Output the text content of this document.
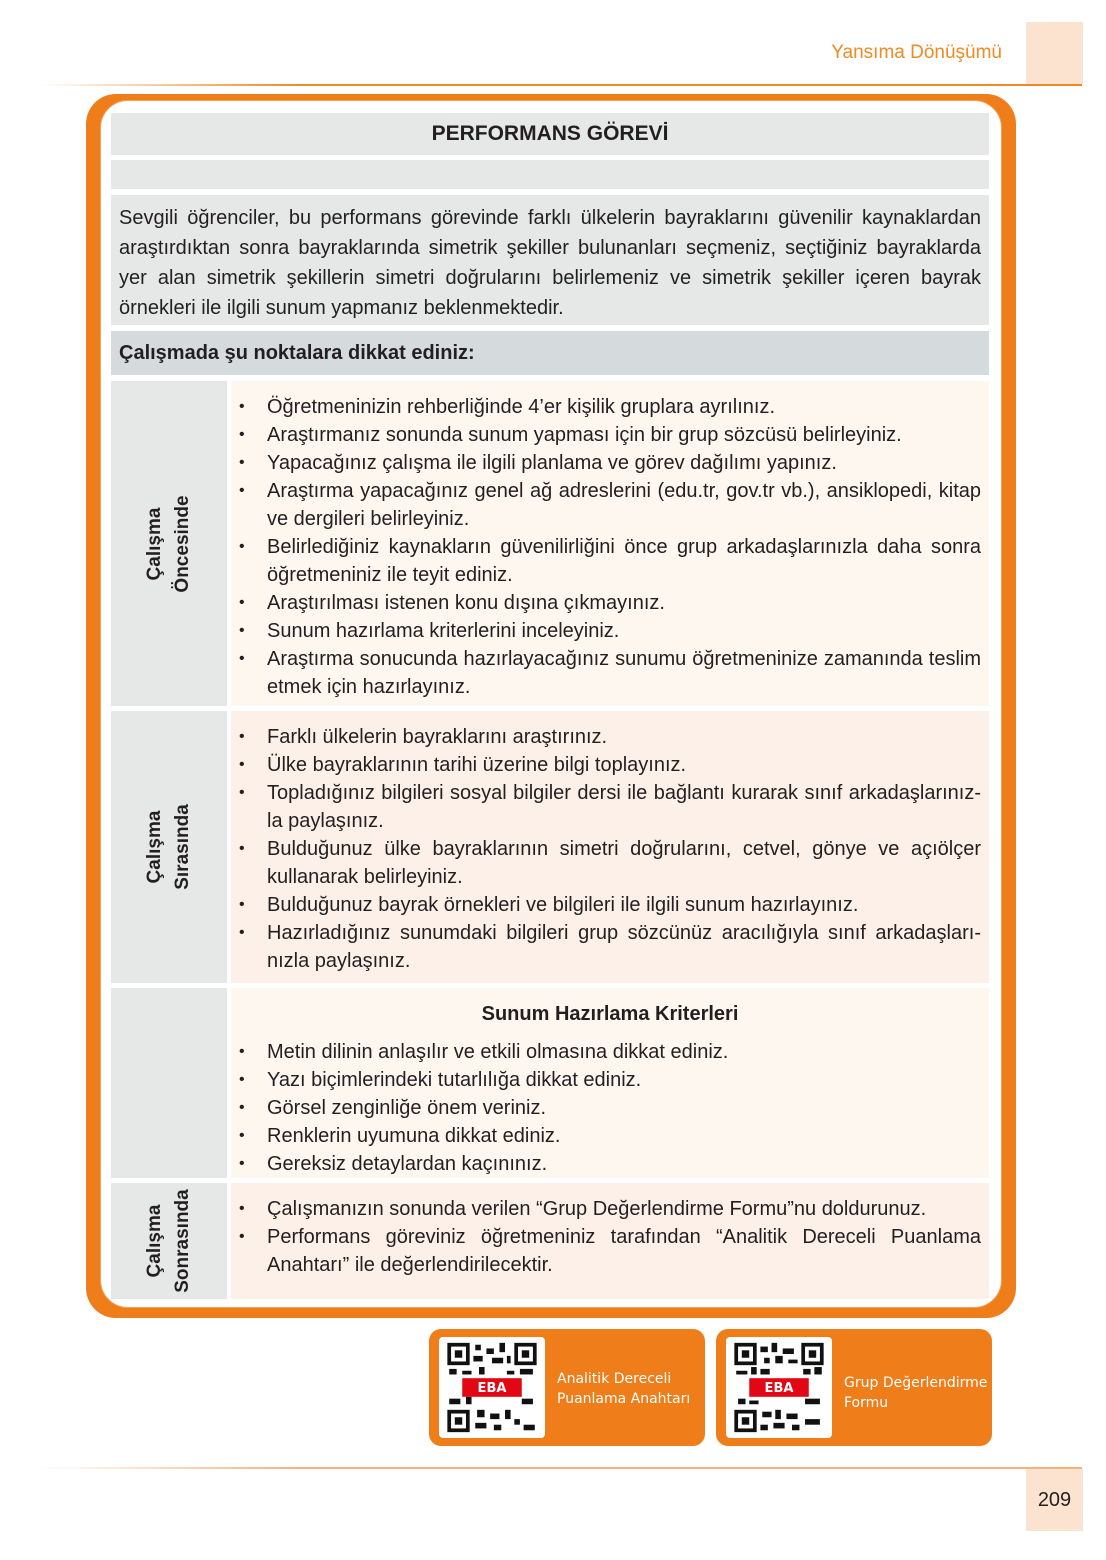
Yansıma Dönüşümü
PERFORMANS GÖREVİ
Sevgili öğrenciler, bu performans görevinde farklı ülkelerin bayraklarını güvenilir kaynaklardan araştırdıktan sonra bayraklarında simetrik şekiller bulunanları seçmeniz, seçtiğiniz bayraklarda yer alan simetrik şekillerin simetri doğrularını belirlemeniz ve simetrik şekiller içeren bayrak örnekleri ile ilgili sunum yapmanız beklenmektedir.
Çalışmada şu noktalara dikkat ediniz:
Çalışma Öncesinde
• Öğretmeninizin rehberliğinde 4’er kişilik gruplara ayrılınız.
• Araştırmanız sonunda sunum yapması için bir grup sözcüsü belirleyiniz.
• Yapacağınız çalışma ile ilgili planlama ve görev dağılımı yapınız.
• Araştırma yapacağınız genel ağ adreslerini (edu.tr, gov.tr vb.), ansiklopedi, kitap ve dergileri belirleyiniz.
• Belirlediğiniz kaynakların güvenilirliğini önce grup arkadaşlarınızla daha sonra öğretmeniniz ile teyit ediniz.
• Araştırılması istenen konu dışına çıkmayınız.
• Sunum hazırlama kriterlerini inceleyiniz.
• Araştırma sonucunda hazırlayacağınız sunumu öğretmeninize zamanında teslim etmek için hazırlayınız.
Çalışma Sırasında
• Farklı ülkelerin bayraklarını araştırınız.
• Ülke bayraklarının tarihi üzerine bilgi toplayınız.
• Topladığınız bilgileri sosyal bilgiler dersi ile bağlantı kurarak sınıf arkadaşlarınız-la paylaşınız.
• Bulduğunuz ülke bayraklarının simetri doğrularını, cetvel, gönye ve açıölçer kullanarak belirleyiniz.
• Bulduğunuz bayrak örnekleri ve bilgileri ile ilgili sunum hazırlayınız.
• Hazırladığınız sunumdaki bilgileri grup sözcünüz aracılığıyla sınıf arkadaşları-nızla paylaşınız.
Sunum Hazırlama Kriterleri
• Metin dilinin anlaşılır ve etkili olmasına dikkat ediniz.
• Yazı biçimlerindeki tutarlılığa dikkat ediniz.
• Görsel zenginliğe önem veriniz.
• Renklerin uyumuna dikkat ediniz.
• Gereksiz detaylardan kaçınınız.
Çalışma Sonrasında
•	Çalışmanızın sonunda verilen “Grup Değerlendirme Formu”nu doldurunuz.
• Performans göreviniz öğretmeniniz tarafından “Analitik Dereceli Puanlama Anahtarı” ile değerlendirilecektir.
EBA
Analitik Dereceli
Puanlama Anahtarı
EBA	Grup Değerlendirme
Formu
209
